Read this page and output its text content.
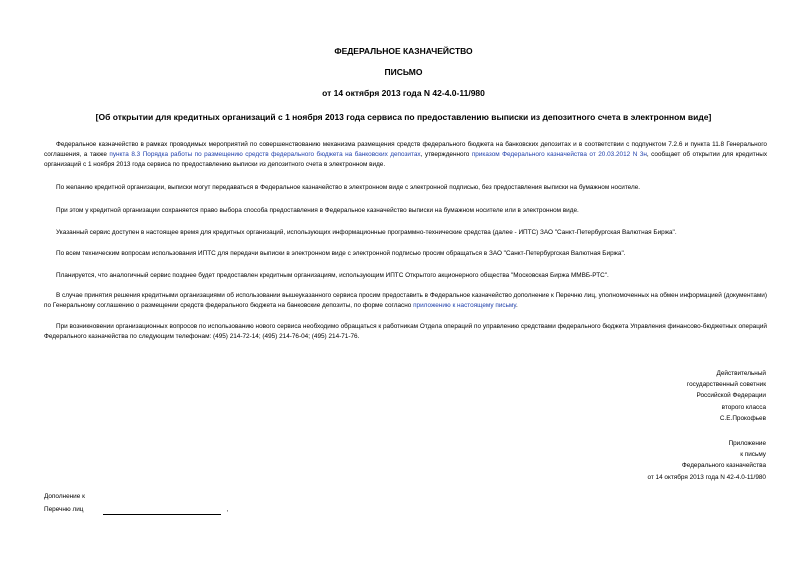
ФЕДЕРАЛЬНОЕ КАЗНАЧЕЙСТВО
ПИСЬМО
от 14 октября 2013 года N 42-4.0-11/980
[Об открытии для кредитных организаций с 1 ноября 2013 года сервиса по предоставлению выписки из депозитного счета в электронном виде]
Федеральное казначейство в рамках проводимых мероприятий по совершенствованию механизма размещения средств федерального бюджета на банковских депозитах и в соответствии с подпунктом 7.2.6 и пункта 11.8 Генерального соглашения, а также пункта 8.3 Порядка работы по размещению средств федерального бюджета на банковских депозитах, утвержденного приказом Федерального казначейства от 20.03.2012 N 3н, сообщает об открытии для кредитных организаций с 1 ноября 2013 года сервиса по предоставлению выписки из депозитного счета в электронном виде.
По желанию кредитной организации, выписки могут передаваться в Федеральное казначейство в электронном виде с электронной подписью, без предоставления выписки на бумажном носителе.
При этом у кредитной организации сохраняется право выбора способа предоставления в Федеральное казначейство выписки на бумажном носителе или в электронном виде.
Указанный сервис доступен в настоящее время для кредитных организаций, использующих информационные программно-технические средства (далее - ИПТС) ЗАО "Санкт-Петербургская Валютная Биржа".
По всем техническим вопросам использования ИПТС для передачи выписки в электронном виде с электронной подписью просим обращаться в ЗАО "Санкт-Петербургская Валютная Биржа".
Планируется, что аналогичный сервис позднее будет предоставлен кредитным организациям, использующим ИПТС Открытого акционерного общества "Московская Биржа ММВБ-РТС".
В случае принятия решения кредитными организациями об использовании вышеуказанного сервиса просим предоставить в Федеральное казначейство дополнение к Перечню лиц, уполномоченных на обмен информацией (документами) по Генеральному соглашению о размещении средств федерального бюджета на банковские депозиты, по форме согласно приложению к настоящему письму.
При возникновении организационных вопросов по использованию нового сервиса необходимо обращаться к работникам Отдела операций по управлению средствами федерального бюджета Управления финансово-бюджетных операций Федерального казначейства по следующим телефонам: (495) 214-72-14; (495) 214-76-04; (495) 214-71-76.
Действительный
государственный советник
Российской Федерации
второго класса
С.Е.Прокофьев
Приложение
к письму
Федерального казначейства
от 14 октября 2013 года N 42-4.0-11/980
Дополнение к
Перечню лиц	,
